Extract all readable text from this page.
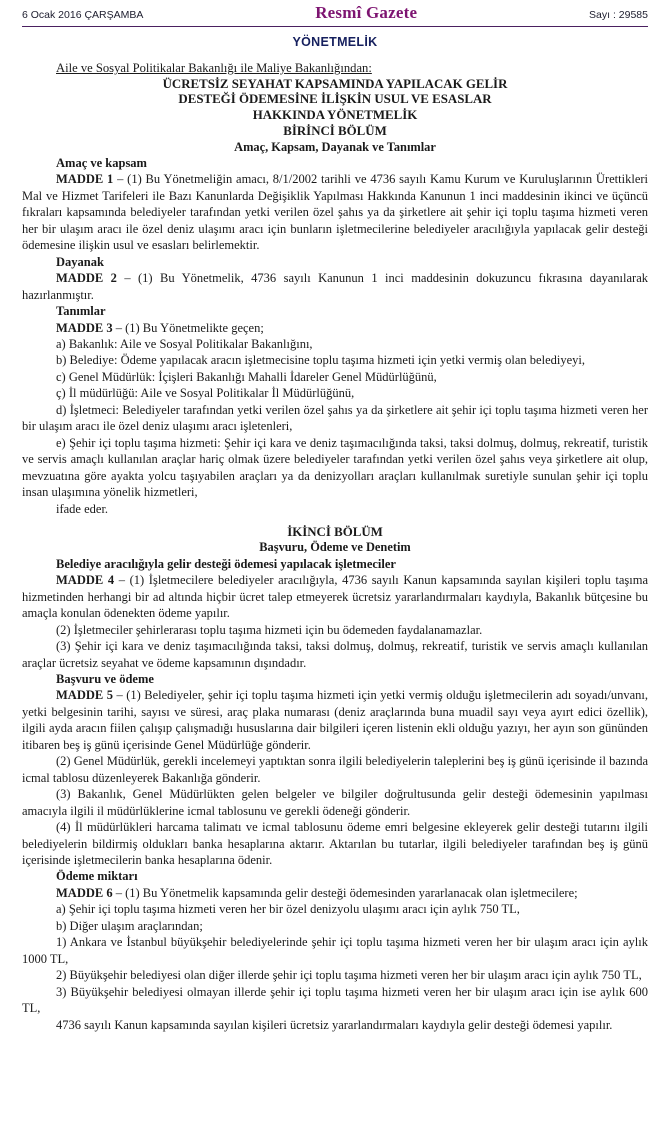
6 Ocak 2016 ÇARŞAMBA	Resmî Gazete	Sayı : 29585
YÖNETMELİK
Aile ve Sosyal Politikalar Bakanlığı ile Maliye Bakanlığından:
ÜCRETSİZ SEYAHAT KAPSAMINDA YAPILACAK GELİR
DESTEĞİ ÖDEMESİNE İLİŞKİN USUL VE ESASLAR
HAKKINDA YÖNETMELİK
BİRİNCİ BÖLÜM
Amaç, Kapsam, Dayanak ve Tanımlar

Amaç ve kapsam

MADDE 1 – (1) Bu Yönetmeliğin amacı, 8/1/2002 tarihli ve 4736 sayılı Kamu Kurum ve Kuruluşlarının Ürettikleri Mal ve Hizmet Tarifeleri ile Bazı Kanunlarda Değişiklik Yapılması Hakkında Kanunun 1 inci maddesinin ikinci ve üçüncü fıkraları kapsamında belediyeler tarafından yetki verilen özel şahıs ya da şirketlere ait şehir içi toplu taşıma hizmeti veren her bir ulaşım aracı ile özel deniz ulaşımı aracı için bunların işletmecilerine belediyeler aracılığıyla yapılacak gelir desteği ödemesine ilişkin usul ve esasları belirlemektir.

Dayanak

MADDE 2 – (1) Bu Yönetmelik, 4736 sayılı Kanunun 1 inci maddesinin dokuzuncu fıkrasına dayanılarak hazırlanmıştır.

Tanımlar

MADDE 3 – (1) Bu Yönetmelikte geçen;

a) Bakanlık: Aile ve Sosyal Politikalar Bakanlığını,

b) Belediye: Ödeme yapılacak aracın işletmecisine toplu taşıma hizmeti için yetki vermiş olan belediyeyi,

c) Genel Müdürlük: İçişleri Bakanlığı Mahalli İdareler Genel Müdürlüğünü,

ç) İl müdürlüğü: Aile ve Sosyal Politikalar İl Müdürlüğünü,

d) İşletmeci: Belediyeler tarafından yetki verilen özel şahıs ya da şirketlere ait şehir içi toplu taşıma hizmeti veren her bir ulaşım aracı ile özel deniz ulaşımı aracı işletenleri,

e) Şehir içi toplu taşıma hizmeti: Şehir içi kara ve deniz taşımacılığında taksi, taksi dolmuş, dolmuş, rekreatif, turistik ve servis amaçlı kullanılan araçlar hariç olmak üzere belediyeler tarafından yetki verilen özel şahıs veya şirketlere ait olup, mevzuatına göre ayakta yolcu taşıyabilen araçları ya da denizyolları araçları kullanılmak suretiyle sunulan şehir içi toplu insan ulaşımına yönelik hizmetleri,

ifade eder.

İKİNCİ BÖLÜM
Başvuru, Ödeme ve Denetim

Belediye aracılığıyla gelir desteği ödemesi yapılacak işletmeciler

MADDE 4 – (1) İşletmecilere belediyeler aracılığıyla, 4736 sayılı Kanun kapsamında sayılan kişileri toplu taşıma hizmetinden herhangi bir ad altında hiçbir ücret talep etmeyerek ücretsiz yararlandırmaları kaydıyla, Bakanlık bütçesine bu amaçla konulan ödenekten ödeme yapılır.

(2) İşletmeciler şehirlerarası toplu taşıma hizmeti için bu ödemeden faydalanamazlar.

(3) Şehir içi kara ve deniz taşımacılığında taksi, taksi dolmuş, dolmuş, rekreatif, turistik ve servis amaçlı kullanılan araçlar ücretsiz seyahat ve ödeme kapsamının dışındadır.

Başvuru ve ödeme

MADDE 5 – (1) Belediyeler, şehir içi toplu taşıma hizmeti için yetki vermiş olduğu işletmecilerin adı soyadı/unvanı, yetki belgesinin tarihi, sayısı ve süresi, araç plaka numarası (deniz araçlarında buna muadil sayı veya ayırt edici özellik), ilgili ayda aracın fiilen çalışıp çalışmadığı hususlarına dair bilgileri içeren listenin ekli olduğu yazıyı, her ayın son gününden itibaren beş iş günü içerisinde Genel Müdürlüğe gönderir.

(2) Genel Müdürlük, gerekli incelemeyi yaptıktan sonra ilgili belediyelerin taleplerini beş iş günü içerisinde il bazında icmal tablosu düzenleyerek Bakanlığa gönderir.

(3) Bakanlık, Genel Müdürlükten gelen belgeler ve bilgiler doğrultusunda gelir desteği ödemesinin yapılması amacıyla ilgili il müdürlüklerine icmal tablosunu ve gerekli ödeneği gönderir.

(4) İl müdürlükleri harcama talimatı ve icmal tablosunu ödeme emri belgesine ekleyerek gelir desteği tutarını ilgili belediyelerin bildirmiş oldukları banka hesaplarına aktarır. Aktarılan bu tutarlar, ilgili belediyeler tarafından beş iş günü içerisinde işletmecilerin banka hesaplarına ödenir.

Ödeme miktarı

MADDE 6 – (1) Bu Yönetmelik kapsamında gelir desteği ödemesinden yararlanacak olan işletmecilere;

a) Şehir içi toplu taşıma hizmeti veren her bir özel denizyolu ulaşımı aracı için aylık 750 TL,

b) Diğer ulaşım araçlarından;

1) Ankara ve İstanbul büyükşehir belediyelerinde şehir içi toplu taşıma hizmeti veren her bir ulaşım aracı için aylık 1000 TL,

2) Büyükşehir belediyesi olan diğer illerde şehir içi toplu taşıma hizmeti veren her bir ulaşım aracı için aylık 750 TL,

3) Büyükşehir belediyesi olmayan illerde şehir içi toplu taşıma hizmeti veren her bir ulaşım aracı için ise aylık 600 TL,

4736 sayılı Kanun kapsamında sayılan kişileri ücretsiz yararlandırmaları kaydıyla gelir desteği ödemesi yapılır.
